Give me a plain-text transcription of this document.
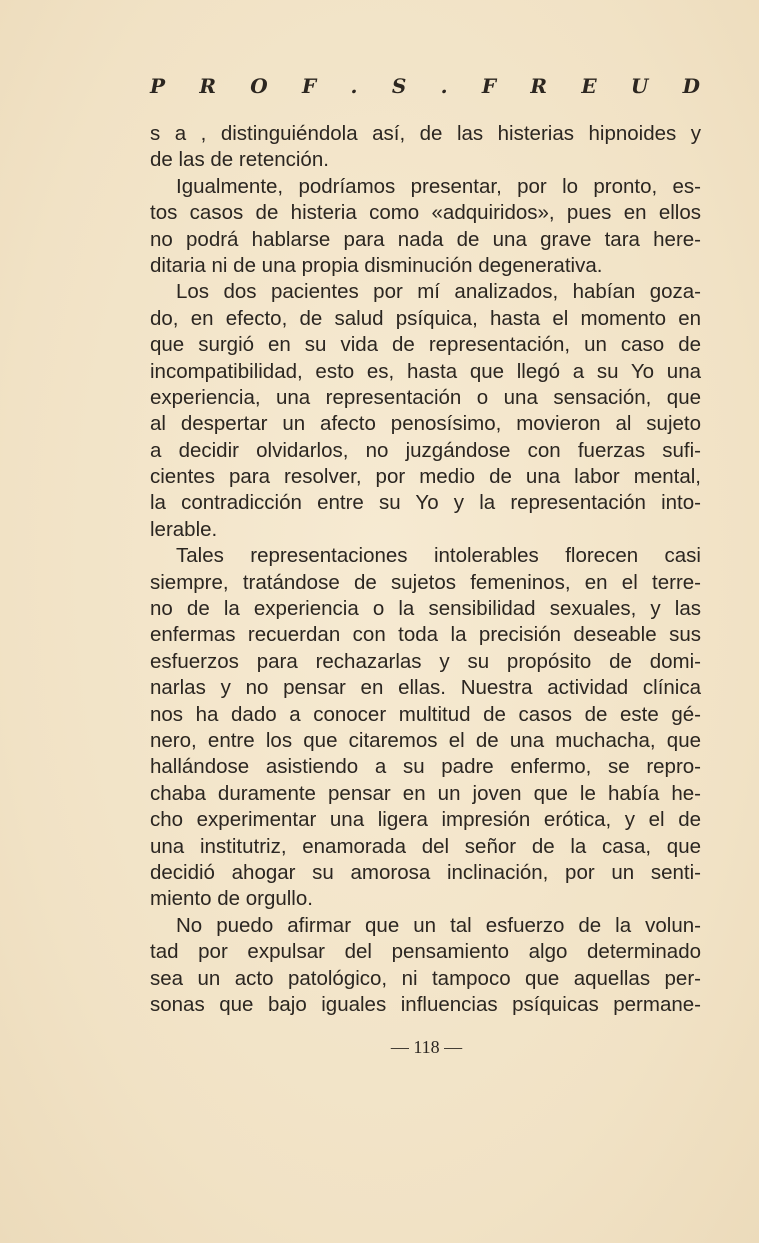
P R O F . S . F R E U D
s a , distinguiéndola así, de las histerias hipnoides y
de las de retención.
Igualmente, podríamos presentar, por lo pronto, es-
tos casos de histeria como «adquiridos», pues en ellos
no podrá hablarse para nada de una grave tara here-
ditaria ni de una propia disminución degenerativa.
Los dos pacientes por mí analizados, habían goza-
do, en efecto, de salud psíquica, hasta el momento en
que surgió en su vida de representación, un caso de
incompatibilidad, esto es, hasta que llegó a su Yo una
experiencia, una representación o una sensación, que
al despertar un afecto penosísimo, movieron al sujeto
a decidir olvidarlos, no juzgándose con fuerzas sufi-
cientes para resolver, por medio de una labor mental,
la contradicción entre su Yo y la representación into-
lerable.
Tales representaciones intolerables florecen casi
siempre, tratándose de sujetos femeninos, en el terre-
no de la experiencia o la sensibilidad sexuales, y las
enfermas recuerdan con toda la precisión deseable sus
esfuerzos para rechazarlas y su propósito de domi-
narlas y no pensar en ellas. Nuestra actividad clínica
nos ha dado a conocer multitud de casos de este gé-
nero, entre los que citaremos el de una muchacha, que
hallándose asistiendo a su padre enfermo, se repro-
chaba duramente pensar en un joven que le había he-
cho experimentar una ligera impresión erótica, y el de
una institutriz, enamorada del señor de la casa, que
decidió ahogar su amorosa inclinación, por un senti-
miento de orgullo.
No puedo afirmar que un tal esfuerzo de la volun-
tad por expulsar del pensamiento algo determinado
sea un acto patológico, ni tampoco que aquellas per-
sonas que bajo iguales influencias psíquicas permane-
— 118 —
